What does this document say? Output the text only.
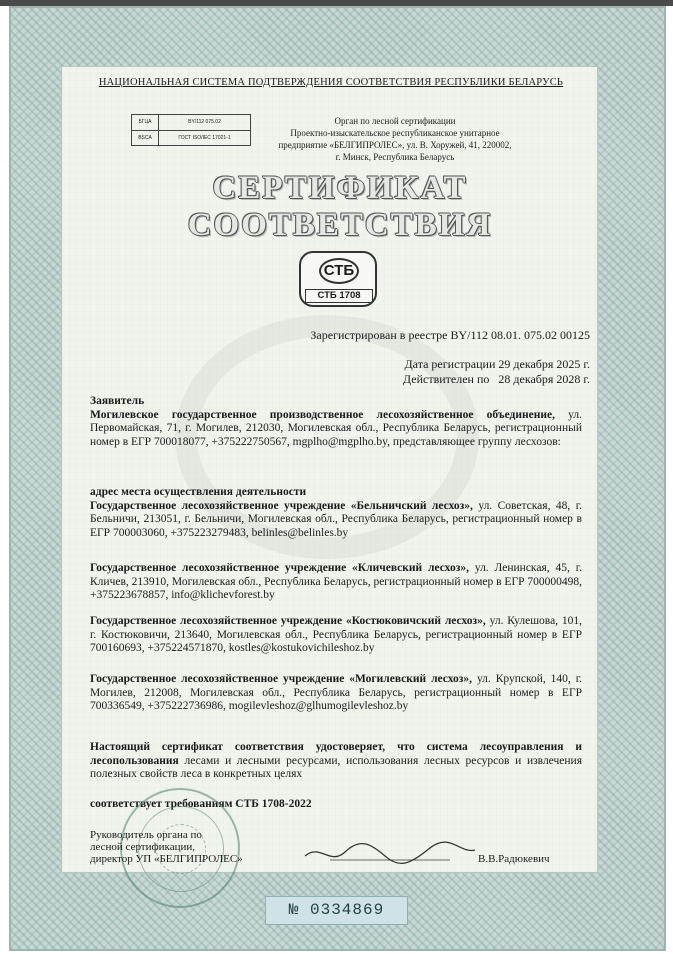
НАЦИОНАЛЬНАЯ СИСТЕМА ПОДТВЕРЖДЕНИЯ СООТВЕТСТВИЯ РЕСПУБЛИКИ БЕЛАРУСЬ
БГЦА
BSCA
BY/112 075.02
ГОСТ ISO/IEC 17021-1
Орган по лесной сертификации
Проектно-изыскательское республиканское унитарное
предприятие «БЕЛГИПРОЛЕС», ул. В. Хоружей, 41, 220002,
г. Минск, Республика Беларусь
СЕРТИФИКАТ СООТВЕТСТВИЯ
СТБ
СТБ 1708
Зарегистрирован в реестре BY/112 08.01. 075.02 00125
Дата регистрации 29 декабря 2025 г.
Действителен по   28 декабря 2028 г.
Заявитель
Могилевское государственное производственное лесохозяйственное объединение, ул. Первомайская, 71, г. Могилев, 212030, Могилевская обл., Республика Беларусь, регистрационный номер в ЕГР 700018077, +375222750567, mgplho@mgplho.by, представляющее группу лесхозов:
адрес места осуществления деятельности
Государственное лесохозяйственное учреждение «Бельничский лесхоз», ул. Советская, 48, г. Бельничи, 213051, г. Бельничи, Могилевская обл., Республика Беларусь, регистрационный номер в ЕГР 700003060, +375223279483, belinles@belinles.by
Государственное лесохозяйственное учреждение «Кличевский лесхоз», ул. Ленинская, 45, г. Кличев, 213910, Могилевская обл., Республика Беларусь, регистрационный номер в ЕГР 700000498, +375223678857, info@klichevforest.by
Государственное лесохозяйственное учреждение «Костюковичский лесхоз», ул. Кулешова, 101, г. Костюковичи, 213640, Могилевская обл., Республика Беларусь, регистрационный номер в ЕГР 700160693, +375224571870, kostles@kostukovichileshoz.by
Государственное лесохозяйственное учреждение «Могилевский лесхоз», ул. Крупской, 140, г. Могилев, 212008, Могилевская обл., Республика Беларусь, регистрационный номер в ЕГР 700336549, +375222736986, mogilevleshoz@glhumogilevleshoz.by
Настоящий сертификат соответствия удостоверяет, что система лесоуправления и лесопользования лесами и лесными ресурсами, использования лесных ресурсов и извлечения полезных свойств леса в конкретных целях
соответствует требованиям СТБ 1708-2022
Руководитель органа по
лесной сертификации,
директор УП «БЕЛГИПРОЛЕС»	В.В.Радюкевич
№ 0334869
